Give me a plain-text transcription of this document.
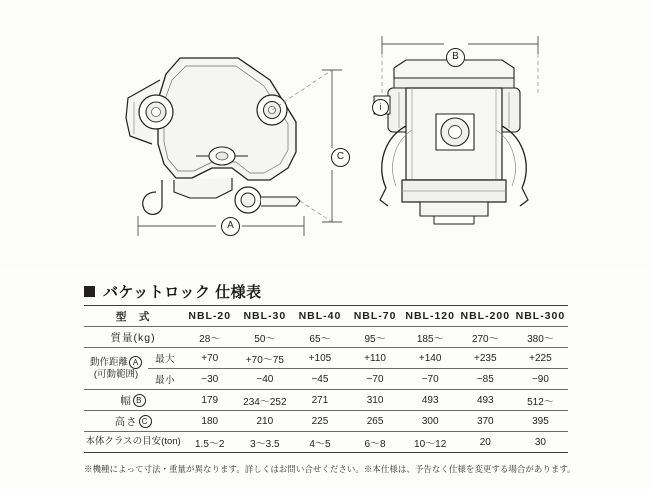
A
C
B
i
バケットロック 仕様表
型　式		NBL-20	NBL-30	NBL-40	NBL-70	NBL-120	NBL-200	NBL-300
質量(kg)		28〜	50〜	65〜	95〜	185〜	270〜	380〜

動作距離 A
(可動範囲)	最大	+70	+70〜75	+105	+110	+140	+235	+225
	最小	−30	−40	−45	−70	−70	−85	−90
幅 B		179	234〜252	271	310	493	493	512〜
高さ C		180	210	225	265	300	370	395
本体クラスの目安(ton)		1.5〜2	3〜3.5	4〜5	6〜8	10〜12	20	30
※機種によって寸法・重量が異なります。詳しくはお問い合せください。※本仕様は、予告なく仕様を変更する場合があります。
